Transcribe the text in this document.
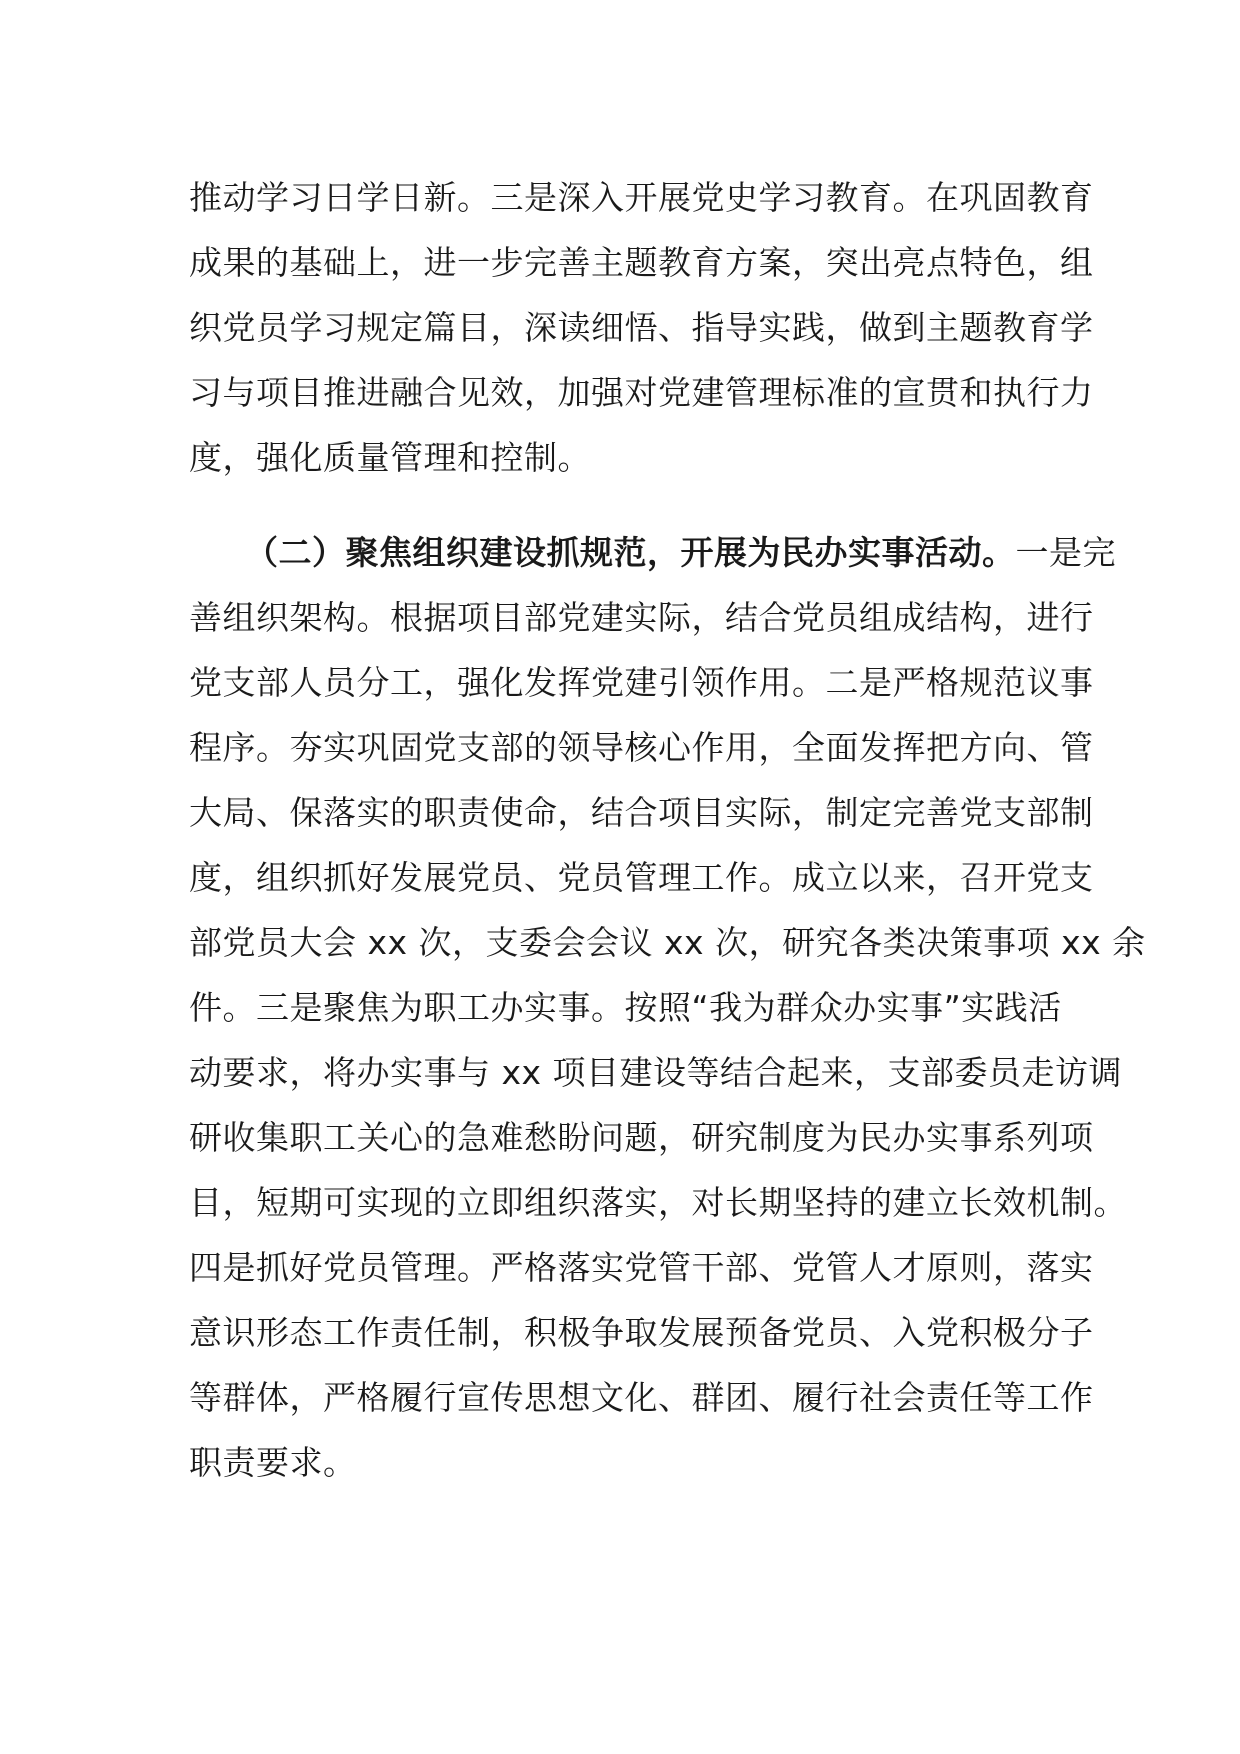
推动学习日学日新。三是深入开展党史学习教育。在巩固教育
成果的基础上，进一步完善主题教育方案，突出亮点特色，组
织党员学习规定篇目，深读细悟、指导实践，做到主题教育学
习与项目推进融合见效，加强对党建管理标准的宣贯和执行力
度，强化质量管理和控制。
（二）聚焦组织建设抓规范，开展为民办实事活动。一是完
善组织架构。根据项目部党建实际，结合党员组成结构，进行
党支部人员分工，强化发挥党建引领作用。二是严格规范议事
程序。夯实巩固党支部的领导核心作用，全面发挥把方向、管
大局、保落实的职责使命，结合项目实际，制定完善党支部制
度，组织抓好发展党员、党员管理工作。成立以来，召开党支
部党员大会 xx 次，支委会会议 xx 次，研究各类决策事项 xx 余
件。三是聚焦为职工办实事。按照“我为群众办实事”实践活
动要求，将办实事与 xx 项目建设等结合起来，支部委员走访调
研收集职工关心的急难愁盼问题，研究制度为民办实事系列项
目，短期可实现的立即组织落实，对长期坚持的建立长效机制。
四是抓好党员管理。严格落实党管干部、党管人才原则，落实
意识形态工作责任制，积极争取发展预备党员、入党积极分子
等群体，严格履行宣传思想文化、群团、履行社会责任等工作
职责要求。
